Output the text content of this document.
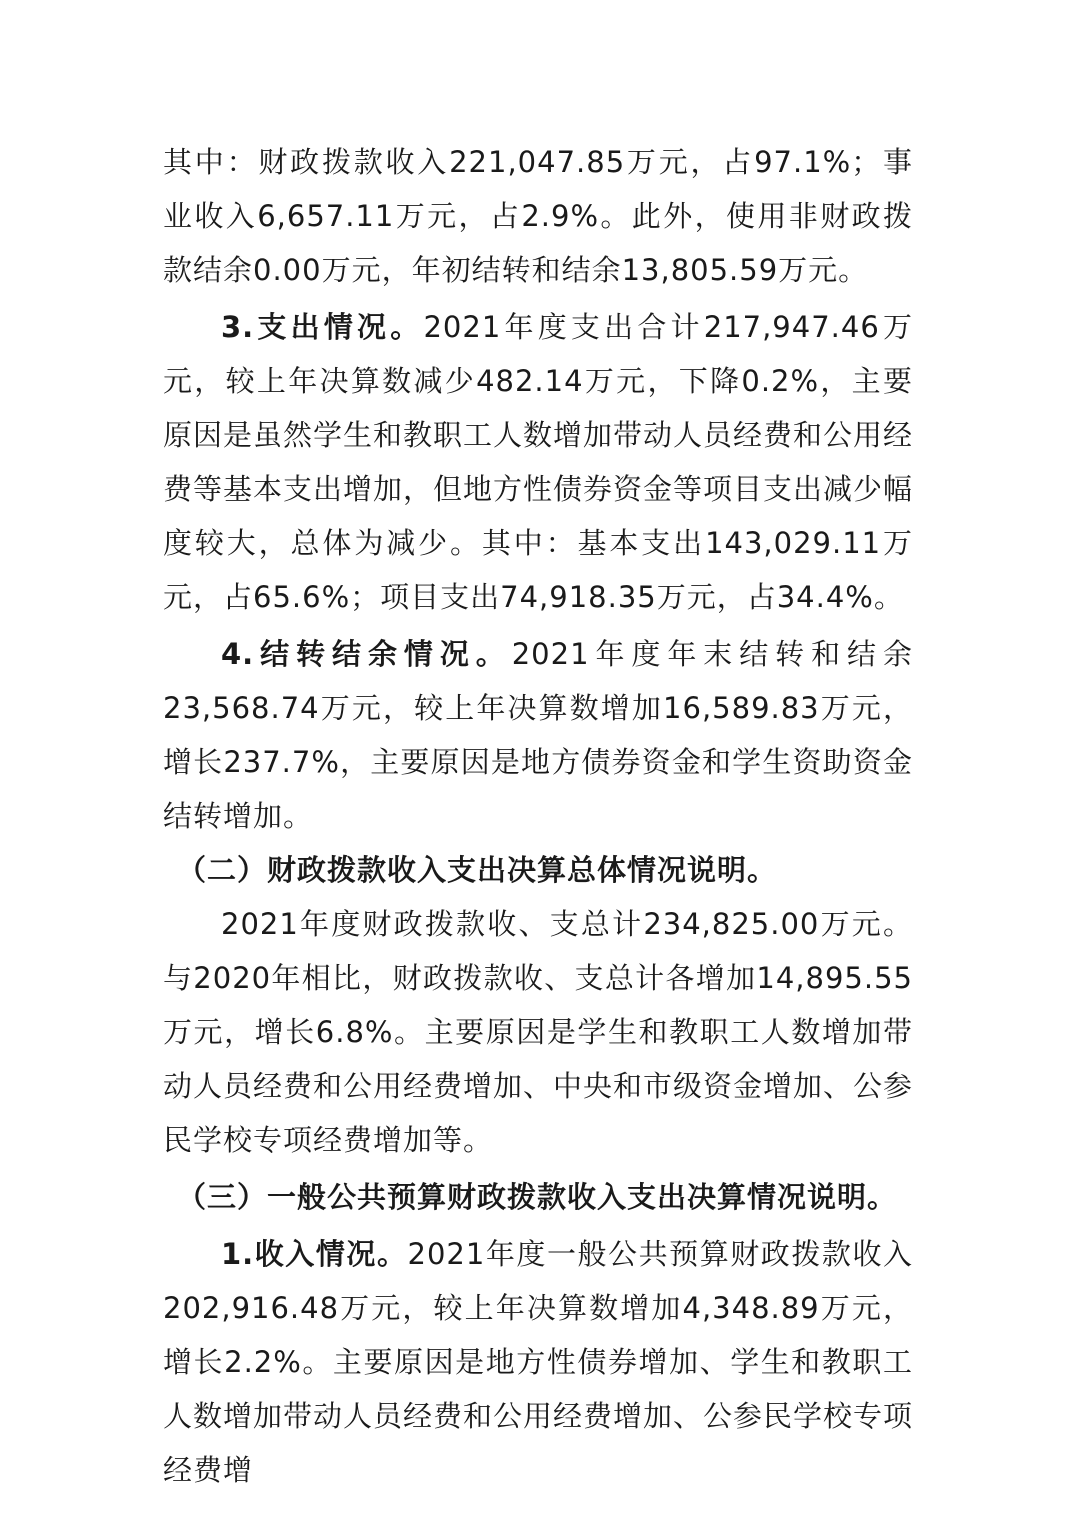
其中：财政拨款收入221,047.85万元，占97.1%；事业收入6,657.11万元，占2.9%。此外，使用非财政拨款结余0.00万元，年初结转和结余13,805.59万元。

3.支出情况。2021年度支出合计217,947.46万元，较上年决算数减少482.14万元，下降0.2%，主要原因是虽然学生和教职工人数增加带动人员经费和公用经费等基本支出增加，但地方性债券资金等项目支出减少幅度较大，总体为减少。其中：基本支出143,029.11万元，占65.6%；项目支出74,918.35万元，占34.4%。

4.结转结余情况。2021年度年末结转和结余23,568.74万元，较上年决算数增加16,589.83万元，增长237.7%，主要原因是地方债券资金和学生资助资金结转增加。

（二）财政拨款收入支出决算总体情况说明。

2021年度财政拨款收、支总计234,825.00万元。与2020年相比，财政拨款收、支总计各增加14,895.55万元，增长6.8%。主要原因是学生和教职工人数增加带动人员经费和公用经费增加、中央和市级资金增加、公参民学校专项经费增加等。

（三）一般公共预算财政拨款收入支出决算情况说明。

1.收入情况。2021年度一般公共预算财政拨款收入202,916.48万元，较上年决算数增加4,348.89万元，增长2.2%。主要原因是地方性债券增加、学生和教职工人数增加带动人员经费和公用经费增加、公参民学校专项经费增
